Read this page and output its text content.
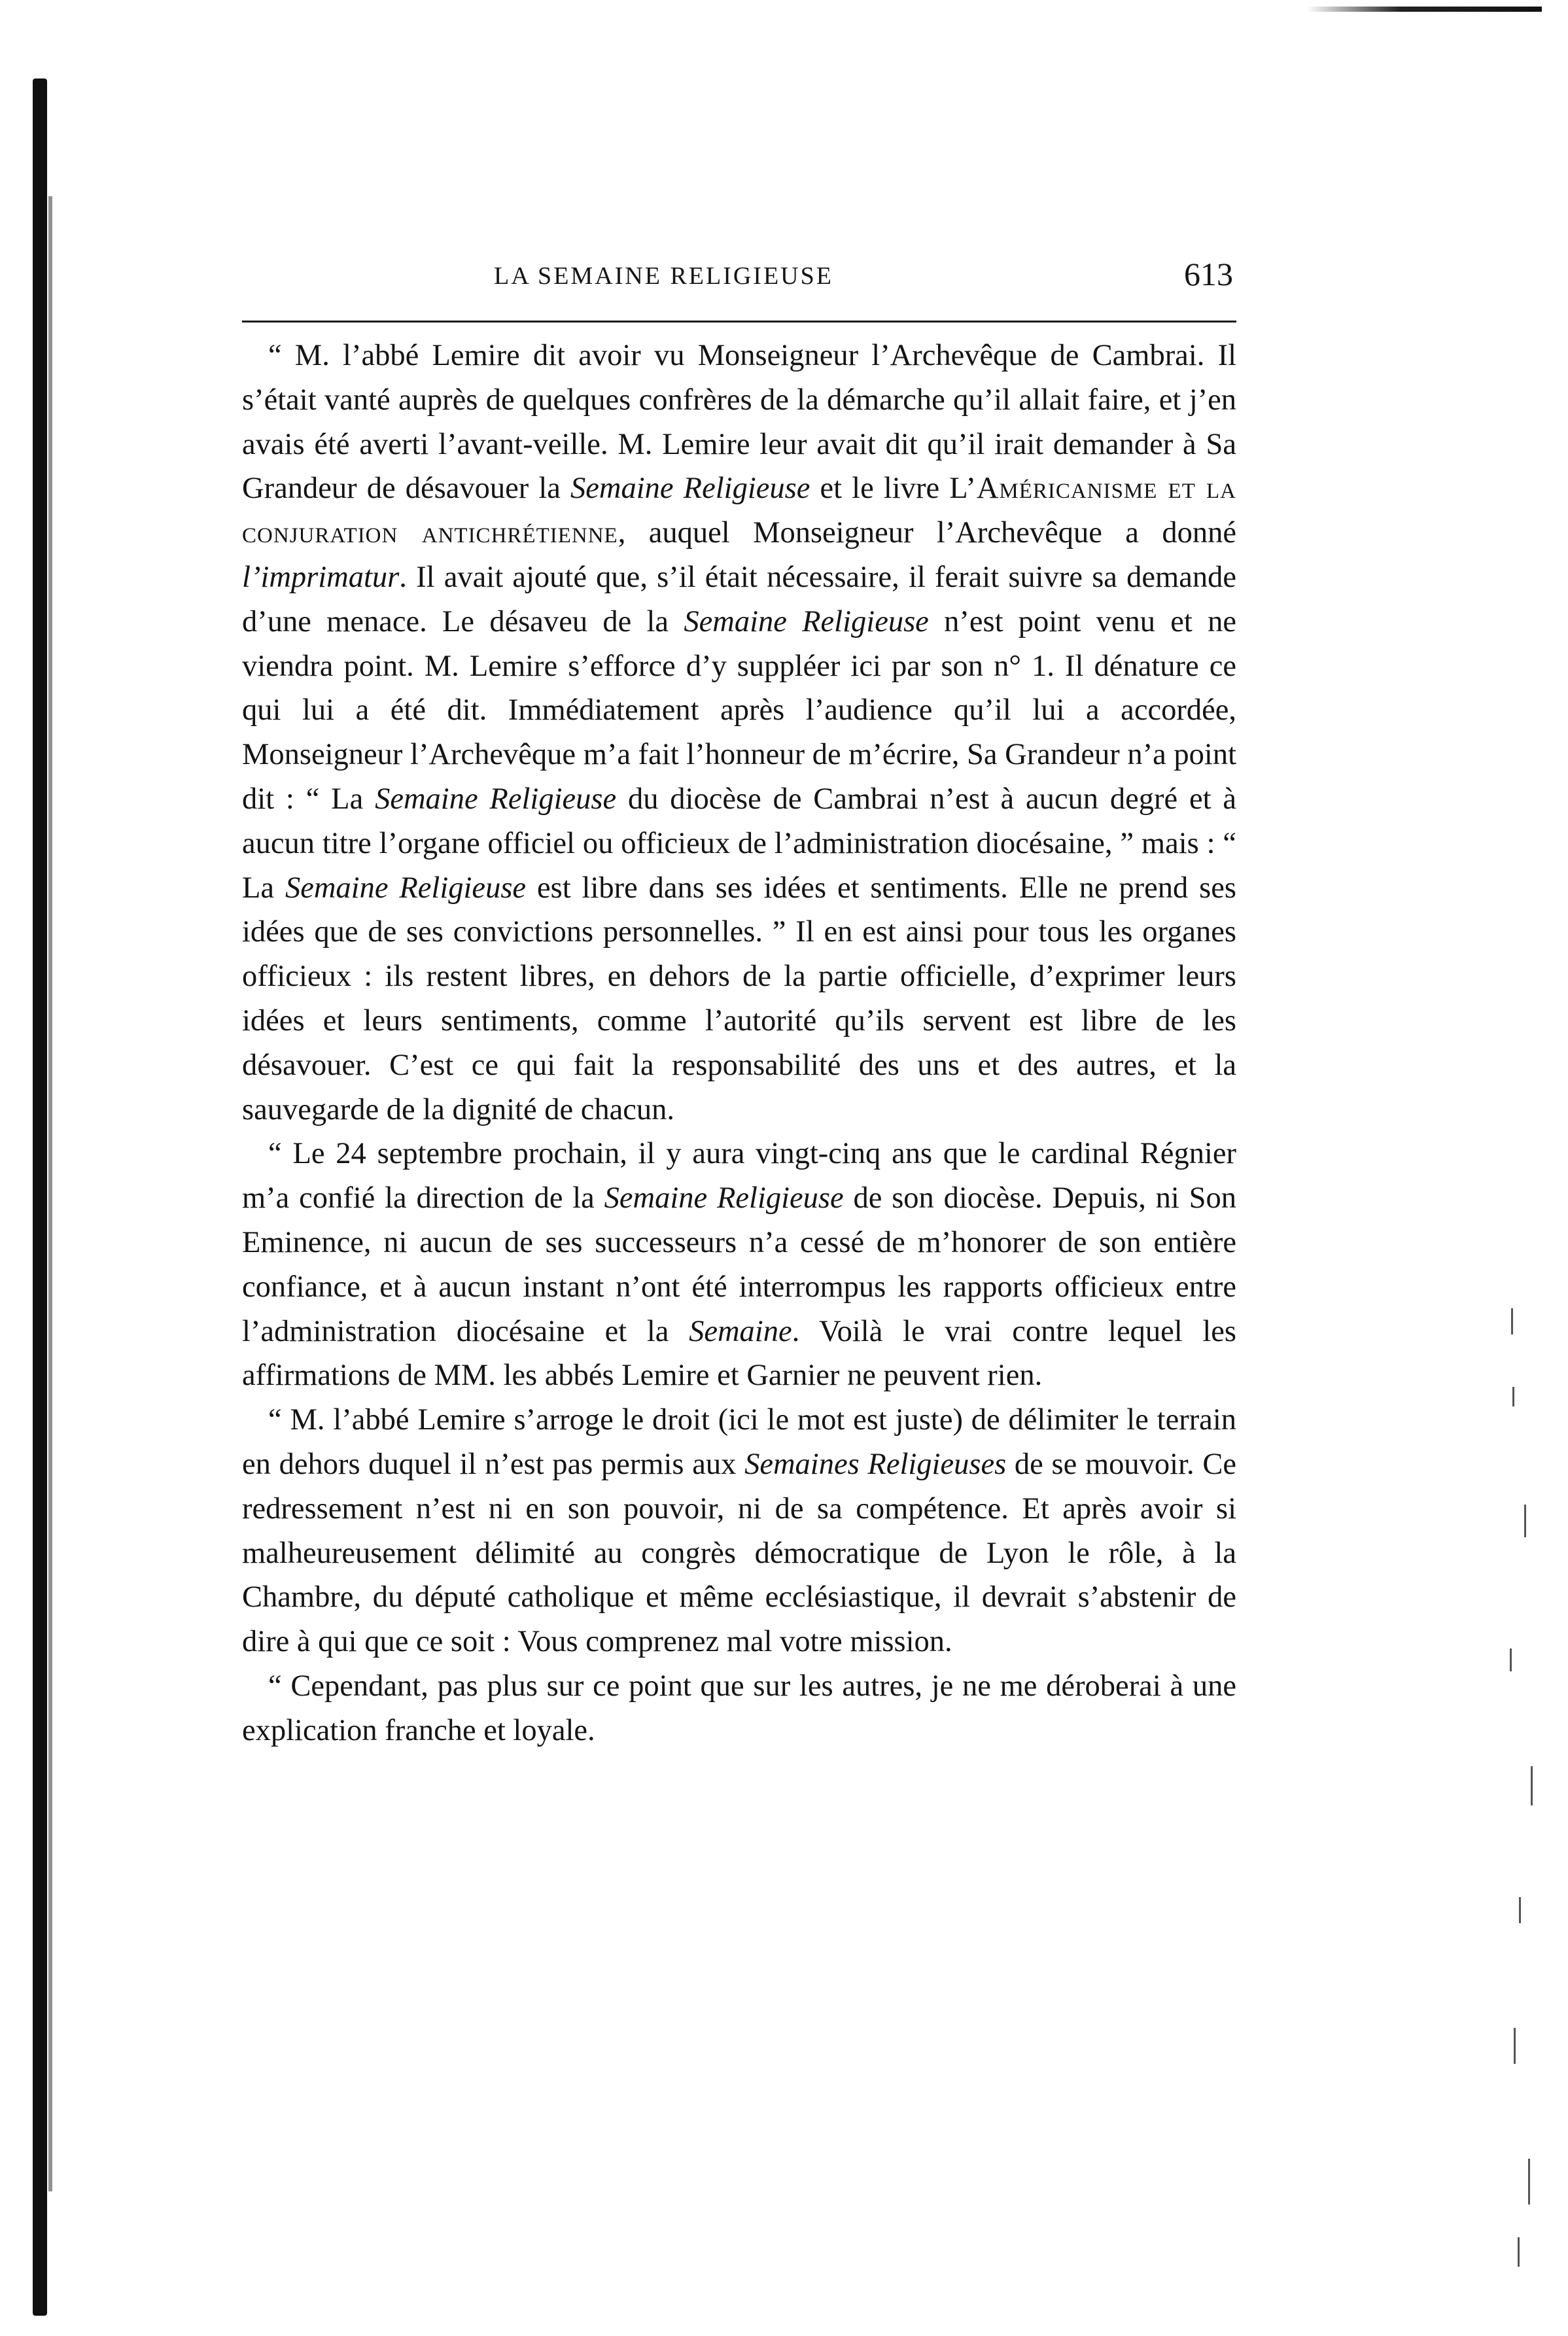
LA SEMAINE RELIGIEUSE	613

“ M. l’abbé Lemire dit avoir vu Monseigneur l’Archevêque de Cambrai. Il s’était vanté auprès de quelques confrères de la démarche qu’il allait faire, et j’en avais été averti l’avant-veille. M. Lemire leur avait dit qu’il irait demander à Sa Grandeur de désavouer la Semaine Religieuse et le livre L’Américanisme et la conjuration antichrétienne, auquel Monseigneur l’Archevêque a donné l’imprimatur. Il avait ajouté que, s’il était nécessaire, il ferait suivre sa demande d’une menace. Le désaveu de la Semaine Religieuse n’est point venu et ne viendra point. M. Lemire s’efforce d’y suppléer ici par son n° 1. Il dénature ce qui lui a été dit. Immédiatement après l’audience qu’il lui a accordée, Monseigneur l’Archevêque m’a fait l’honneur de m’écrire, Sa Grandeur n’a point dit : “ La Semaine Religieuse du diocèse de Cambrai n’est à aucun degré et à aucun titre l’organe officiel ou officieux de l’administration diocésaine, ” mais : “ La Semaine Religieuse est libre dans ses idées et sentiments. Elle ne prend ses idées que de ses convictions personnelles. ” Il en est ainsi pour tous les organes officieux : ils restent libres, en dehors de la partie officielle, d’exprimer leurs idées et leurs sentiments, comme l’autorité qu’ils servent est libre de les désavouer. C’est ce qui fait la responsabilité des uns et des autres, et la sauvegarde de la dignité de chacun.

“ Le 24 septembre prochain, il y aura vingt-cinq ans que le cardinal Régnier m’a confié la direction de la Semaine Religieuse de son diocèse. Depuis, ni Son Eminence, ni aucun de ses successeurs n’a cessé de m’honorer de son entière confiance, et à aucun instant n’ont été interrompus les rapports officieux entre l’administration diocésaine et la Semaine. Voilà le vrai contre lequel les affirmations de MM. les abbés Lemire et Garnier ne peuvent rien.

“ M. l’abbé Lemire s’arroge le droit (ici le mot est juste) de délimiter le terrain en dehors duquel il n’est pas permis aux Semaines Religieuses de se mouvoir. Ce redressement n’est ni en son pouvoir, ni de sa compétence. Et après avoir si malheureusement délimité au congrès démocratique de Lyon le rôle, à la Chambre, du député catholique et même ecclésiastique, il devrait s’abstenir de dire à qui que ce soit : Vous comprenez mal votre mission.

“ Cependant, pas plus sur ce point que sur les autres, je ne me déroberai à une explication franche et loyale.
